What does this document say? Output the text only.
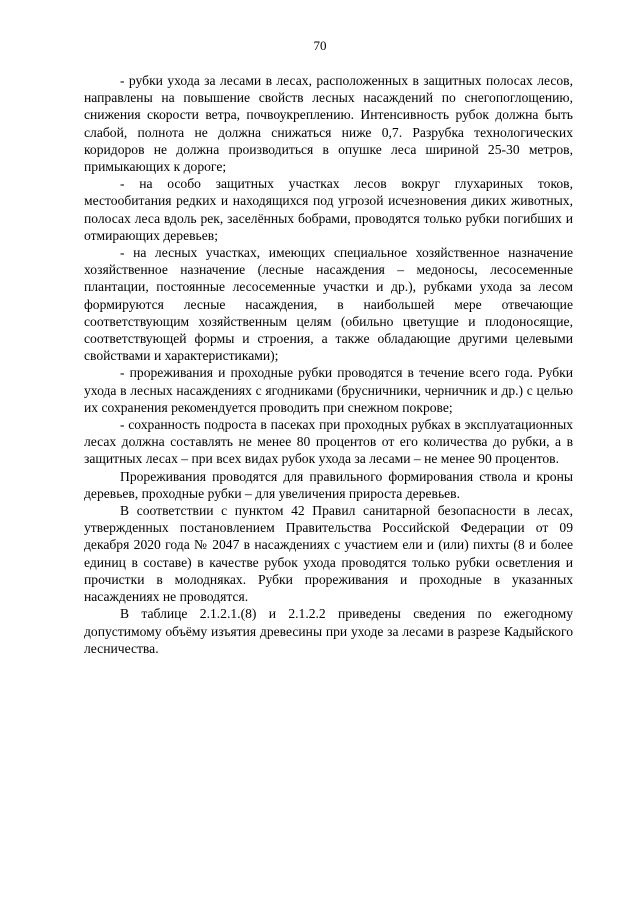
70

- рубки ухода за лесами в лесах, расположенных в защитных полосах лесов, направлены на повышение свойств лесных насаждений по снегопоглощению, снижения скорости ветра, почвоукреплению. Интенсивность рубок должна быть слабой, полнота не должна снижаться ниже 0,7. Разрубка технологических коридоров не должна производиться в опушке леса шириной 25-30 метров, примыкающих к дороге;

- на особо защитных участках лесов вокруг глухариных токов, местообитания редких и находящихся под угрозой исчезновения диких животных, полосах леса вдоль рек, заселённых бобрами, проводятся только рубки погибших и отмирающих деревьев;

- на лесных участках, имеющих специальное хозяйственное назначение хозяйственное назначение (лесные насаждения – медоносы, лесосеменные плантации, постоянные лесосеменные участки и др.), рубками ухода за лесом формируются лесные насаждения, в наибольшей мере отвечающие соответствующим хозяйственным целям (обильно цветущие и плодоносящие, соответствующей формы и строения, а также обладающие другими целевыми свойствами и характеристиками);

- прореживания и проходные рубки проводятся в течение всего года. Рубки ухода в лесных насаждениях с ягодниками (брусничники, черничник и др.) с целью их сохранения рекомендуется проводить при снежном покрове;

- сохранность подроста в пасеках при проходных рубках в эксплуатационных лесах должна составлять не менее 80 процентов от его количества до рубки, а в защитных лесах – при всех видах рубок ухода за лесами – не менее 90 процентов.

Прореживания проводятся для правильного формирования ствола и кроны деревьев, проходные рубки – для увеличения прироста деревьев.

В соответствии с пунктом 42 Правил санитарной безопасности в лесах, утвержденных постановлением Правительства Российской Федерации от 09 декабря 2020 года № 2047 в насаждениях с участием ели и (или) пихты (8 и более единиц в составе) в качестве рубок ухода проводятся только рубки осветления и прочистки в молодняках. Рубки прореживания и проходные в указанных насаждениях не проводятся.

В таблице 2.1.2.1.(8) и 2.1.2.2 приведены сведения по ежегодному допустимому объёму изъятия древесины при уходе за лесами в разрезе Кадыйского лесничества.
